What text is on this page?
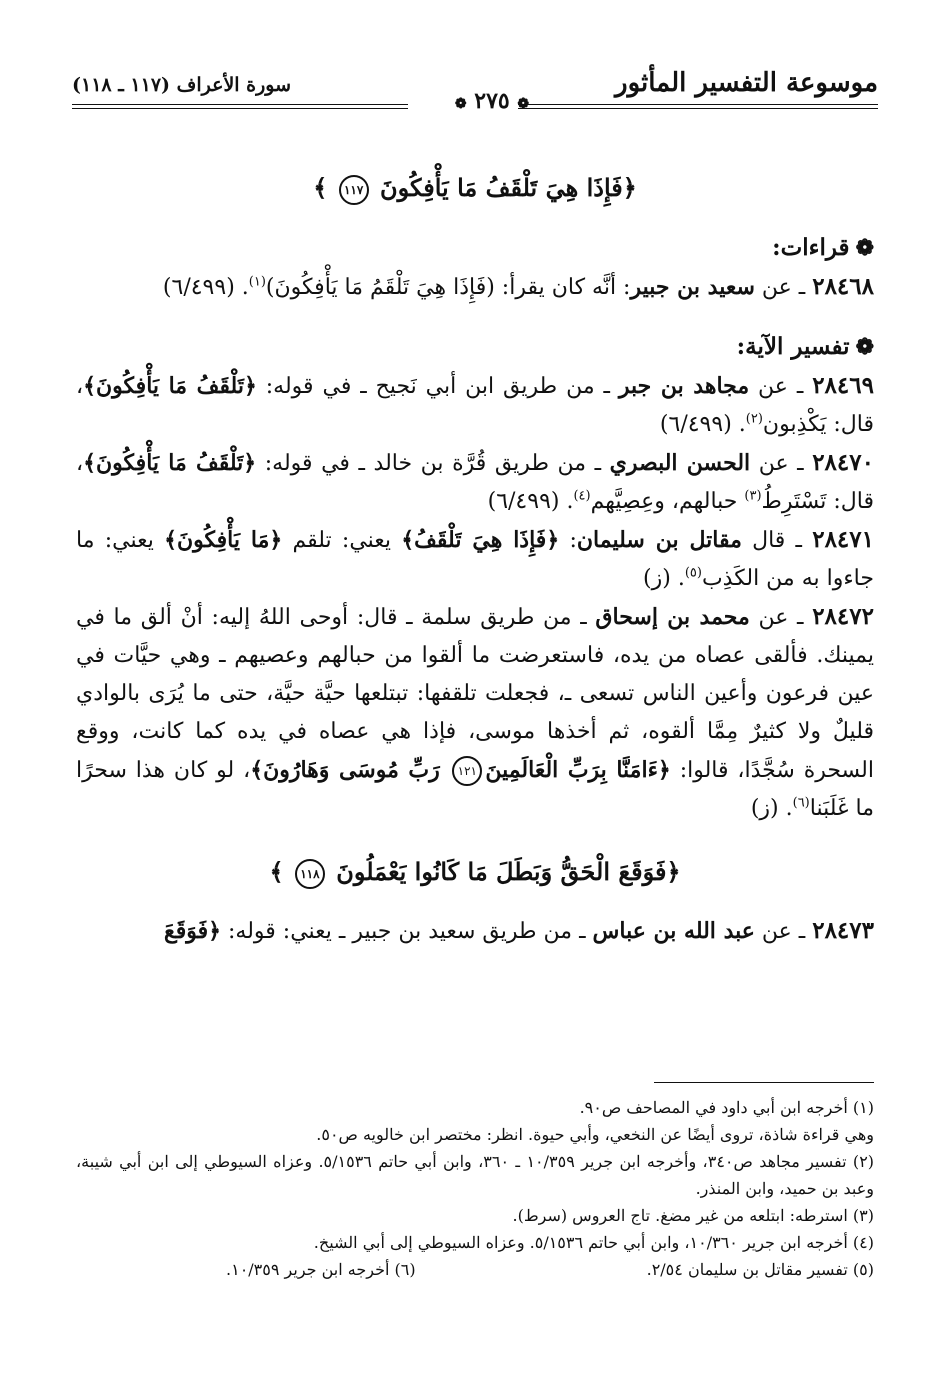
موسوعة التفسير المأثور
سورة الأعراف (١١٧ ـ ١١٨)
❁ ٢٧٥ ❁

﴿فَإِذَا هِيَ تَلْقَفُ مَا يَأْفِكُونَ ١١٧ ﴾

❁قراءات:

٢٨٤٦٨ ـ عن سعيد بن جبير: أنَّه كان يقرأ: (فَإِذَا هِيَ تَلْقَمُ مَا يَأْفِكُونَ)$^{(١)}$. (٦/٤٩٩)

❁تفسير الآية:

٢٨٤٦٩ ـ عن مجاهد بن جبر ـ من طريق ابن أبي نَجيح ـ في قوله: ﴿تَلْقَفُ مَا يَأْفِكُونَ﴾، قال: يَكْذِبون$^{(٢)}$. (٦/٤٩٩)

٢٨٤٧٠ ـ عن الحسن البصري ـ من طريق قُرَّة بن خالد ـ في قوله: ﴿تَلْقَفُ مَا يَأْفِكُونَ﴾، قال: تَسْتَرِطُ$^{(٣)}$ حبالهم، وعِصِيَّهم$^{(٤)}$. (٦/٤٩٩)

٢٨٤٧١ ـ قال مقاتل بن سليمان: ﴿فَإِذَا هِيَ تَلْقَفُ﴾ يعني: تلقم ﴿مَا يَأْفِكُونَ﴾ يعني: ما جاءوا به من الكَذِب$^{(٥)}$. (ز)

٢٨٤٧٢ ـ عن محمد بن إسحاق ـ من طريق سلمة ـ قال: أوحى اللهُ إليه: أنْ ألق ما في يمينك. فألقى عصاه من يده، فاستعرضت ما ألقوا من حبالهم وعصيهم ـ وهي حيَّات في عين فرعون وأعين الناس تسعى ـ، فجعلت تلقفها: تبتلعها حيَّة حيَّة، حتى ما يُرَى بالوادي قليلٌ ولا كثيرٌ مِمَّا ألقوه، ثم أخذها موسى، فإذا هي عصاه في يده كما كانت، ووقع السحرة سُجَّدًا، قالوا: ﴿ءَامَنَّا بِرَبِّ الْعَالَمِينَ١٢١ رَبِّ مُوسَى وَهَارُونَ﴾، لو كان هذا سحرًا ما غَلَبَنا$^{(٦)}$. (ز)

﴿فَوَقَعَ الْحَقُّ وَبَطَلَ مَا كَانُوا يَعْمَلُونَ ١١٨ ﴾

٢٨٤٧٣ ـ عن عبد الله بن عباس ـ من طريق سعيد بن جبير ـ يعني: قوله: ﴿فَوَقَعَ

(١) أخرجه ابن أبي داود في المصاحف ص٩٠.

وهي قراءة شاذة، تروى أيضًا عن النخعي، وأبي حيوة. انظر: مختصر ابن خالويه ص٥٠.

(٢) تفسير مجاهد ص٣٤٠، وأخرجه ابن جرير ١٠/٣٥٩ ـ ٣٦٠، وابن أبي حاتم ٥/١٥٣٦. وعزاه السيوطي إلى ابن أبي شيبة، وعبد بن حميد، وابن المنذر.

(٣) استرطه: ابتلعه من غير مضغ. تاج العروس (سرط).

(٤) أخرجه ابن جرير ١٠/٣٦٠، وابن أبي حاتم ٥/١٥٣٦. وعزاه السيوطي إلى أبي الشيخ.

(٥) تفسير مقاتل بن سليمان ٢/٥٤.

(٦) أخرجه ابن جرير ١٠/٣٥٩.
